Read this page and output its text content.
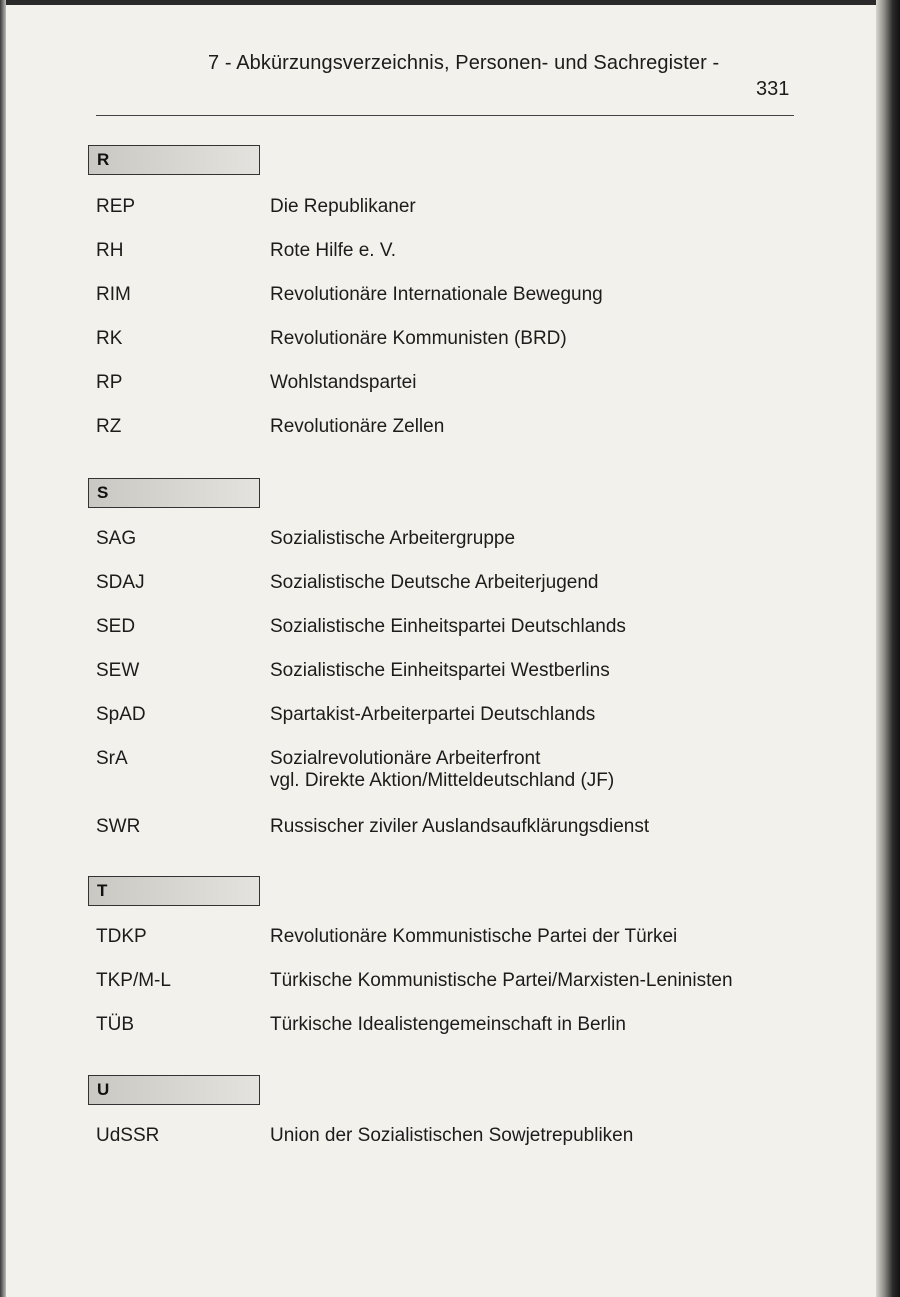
7 - Abkürzungsverzeichnis, Personen- und Sachregister -
331
R
REP	Die Republikaner
RH	Rote Hilfe e. V.
RIM	Revolutionäre Internationale Bewegung
RK	Revolutionäre Kommunisten (BRD)
RP	Wohlstandspartei
RZ	Revolutionäre Zellen
S
SAG	Sozialistische Arbeitergruppe
SDAJ	Sozialistische Deutsche Arbeiterjugend
SED	Sozialistische Einheitspartei Deutschlands
SEW	Sozialistische Einheitspartei Westberlins
SpAD	Spartakist-Arbeiterpartei Deutschlands
SrA	Sozialrevolutionäre Arbeiterfront
vgl. Direkte Aktion/Mitteldeutschland (JF)
SWR	Russischer ziviler Auslandsaufklärungsdienst
T
TDKP	Revolutionäre Kommunistische Partei der Türkei
TKP/M-L	Türkische Kommunistische Partei/Marxisten-Leninisten
TÜB	Türkische Idealistengemeinschaft in Berlin
U
UdSSR	Union der Sozialistischen Sowjetrepubliken
